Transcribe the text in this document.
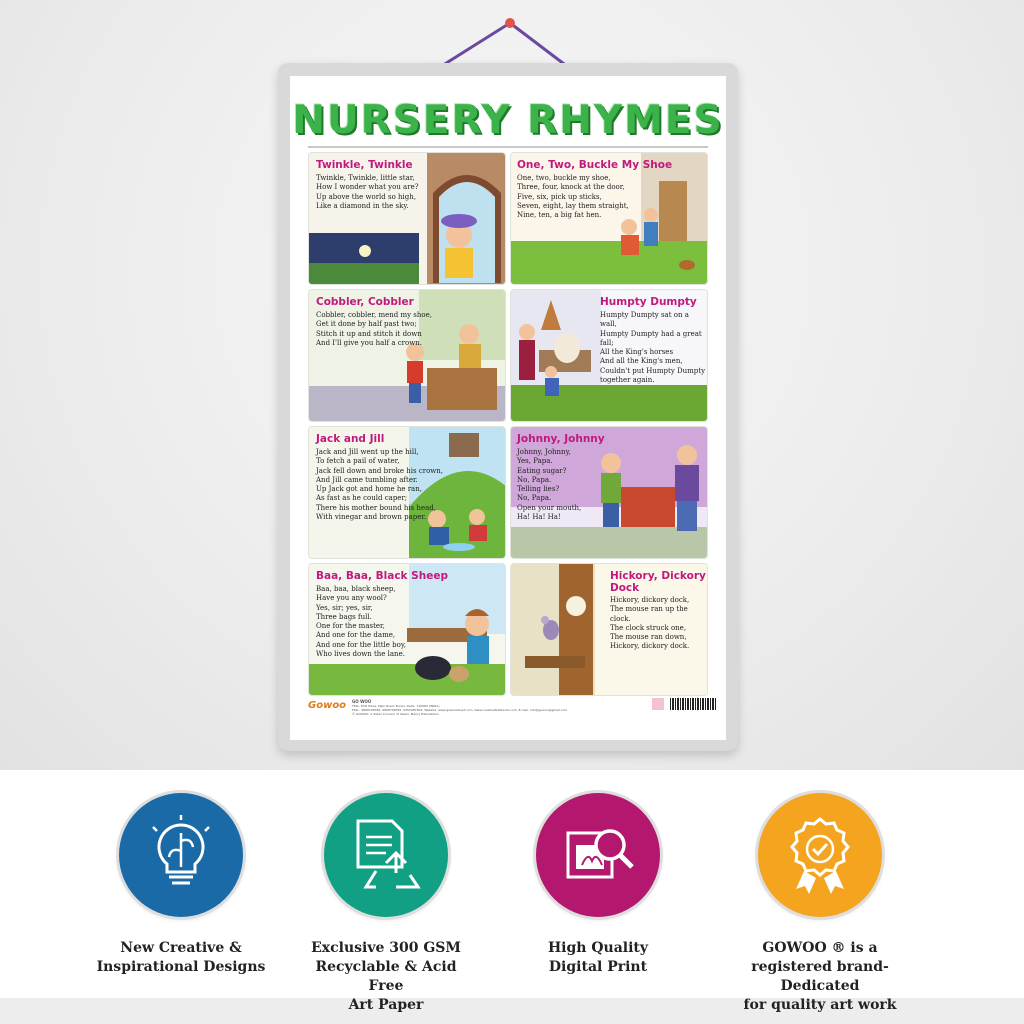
NURSERY RHYMES
Twinkle, Twinkle
Twinkle, Twinkle, little star,
How I wonder what you are?
Up above the world so high,
Like a diamond in the sky.
One, Two, Buckle My Shoe
One, two, buckle my shoe,
Three, four, knock at the door,
Five, six, pick up sticks,
Seven, eight, lay them straight,
Nine, ten, a big fat hen.
Cobbler, Cobbler
Cobbler, cobbler, mend my shoe,
Get it done by half past two;
Stitch it up and stitch it down
And I'll give you half a crown.
Humpty Dumpty
Humpty Dumpty sat on a wall,
Humpty Dumpty had a great fall;
All the King's horses
And all the King's men,
Couldn't put Humpty Dumpty
together again.
Jack and Jill
Jack and Jill went up the hill,
To fetch a pail of water,
Jack fell down and broke his crown,
And Jill came tumbling after.
Up Jack got and home he ran,
As fast as he could caper;
There his mother bound his head,
With vinegar and brown paper.
Johnny, Johnny
Johnny, Johnny,
Yes, Papa.
Eating sugar?
No, Papa.
Telling lies?
No, Papa.
Open your mouth,
Ha! Ha! Ha!
Baa, Baa, Black Sheep
Baa, baa, black sheep,
Have you any wool?
Yes, sir; yes, sir,
Three bags full.
One for the master,
And one for the dame,
And one for the little boy,
Who lives down the lane.
Hickory, Dickory
Dock
Hickory, dickory dock,
The mouse ran up the clock.
The clock struck one,
The mouse ran down,
Hickory, dickory dock.
Gowoo GO WOO
TELL: Ph# Place, Main Road, Burari, Delhi- 110084 (INDIA)
Mob.: 9868798760, 9868798765, 9350487604, Website: www.gowoosbuyit.com, www.creativefirstbooks.com, E-mail: info@gowoo@gmail.com
© GOWOO: A Sister Concern of Swani, Manoj Publications
New Creative &
Inspirational Designs
Exclusive 300 GSM
Recyclable & Acid Free
Art Paper
High Quality
Digital Print
GOWOO ® is a
registered brand- Dedicated
for quality art work
